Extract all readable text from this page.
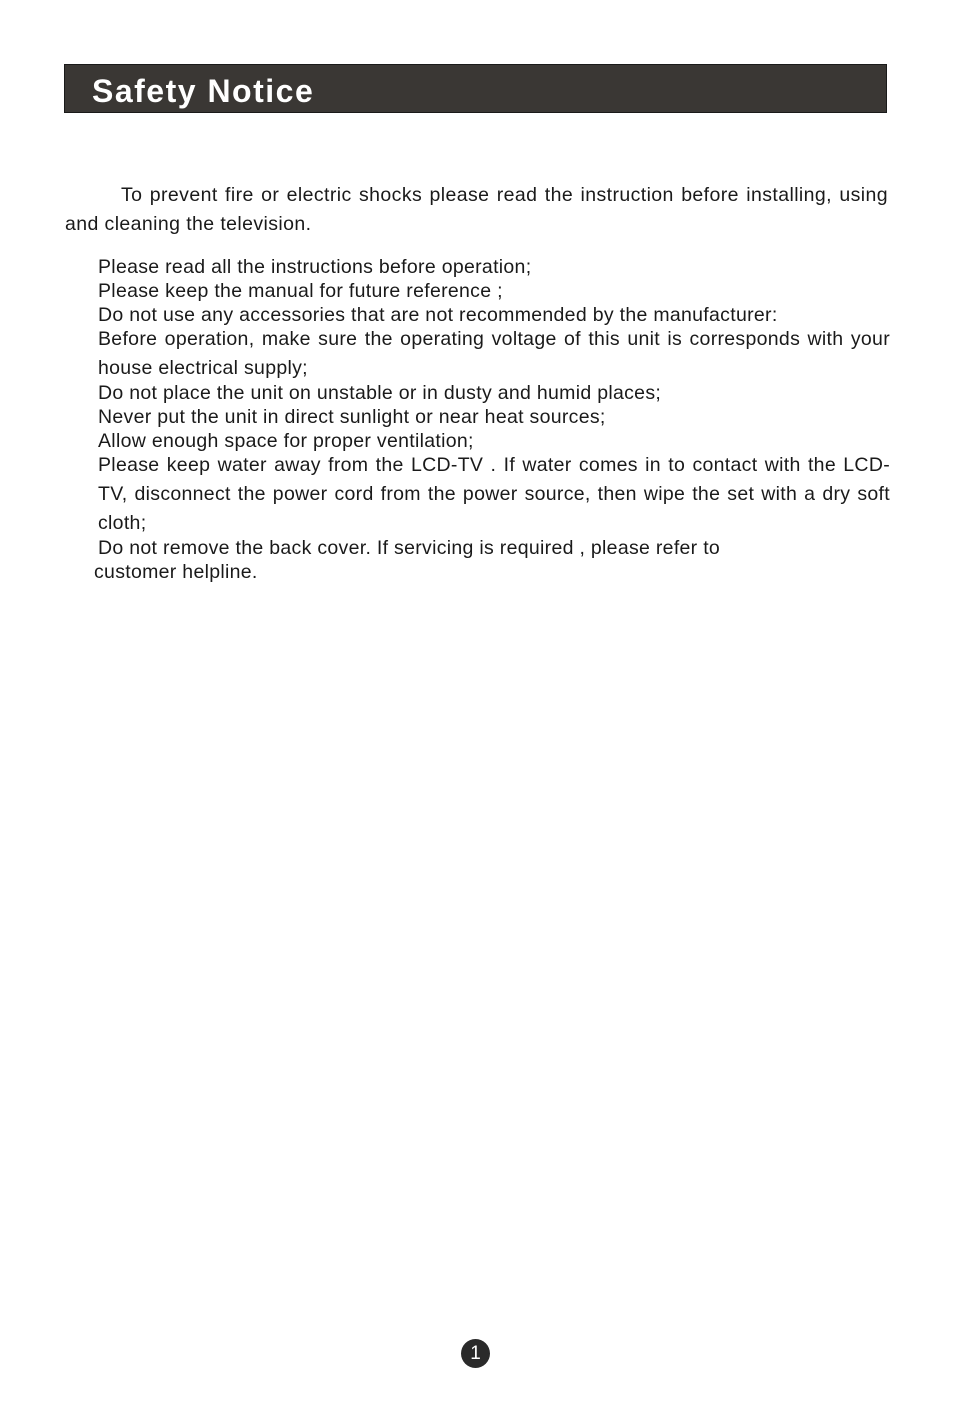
Safety Notice

To prevent fire or electric shocks please read the instruction before installing, using and cleaning the television.

Please read all the instructions before operation;
Please keep the manual for future reference ;
Do not use any accessories that are not recommended by the manufacturer:
Before operation, make sure the operating voltage of this unit is corresponds with your house electrical supply;
Do not place the unit on unstable or in dusty and humid places;
Never put the unit in direct sunlight or near heat sources;
Allow enough space for proper ventilation;
Please keep water away from the LCD-TV . If water comes in to contact with the LCD-TV, disconnect the power cord from the power source, then wipe the set with a dry soft cloth;
Do not remove the back cover. If servicing is required , please refer to
customer helpline.
1
